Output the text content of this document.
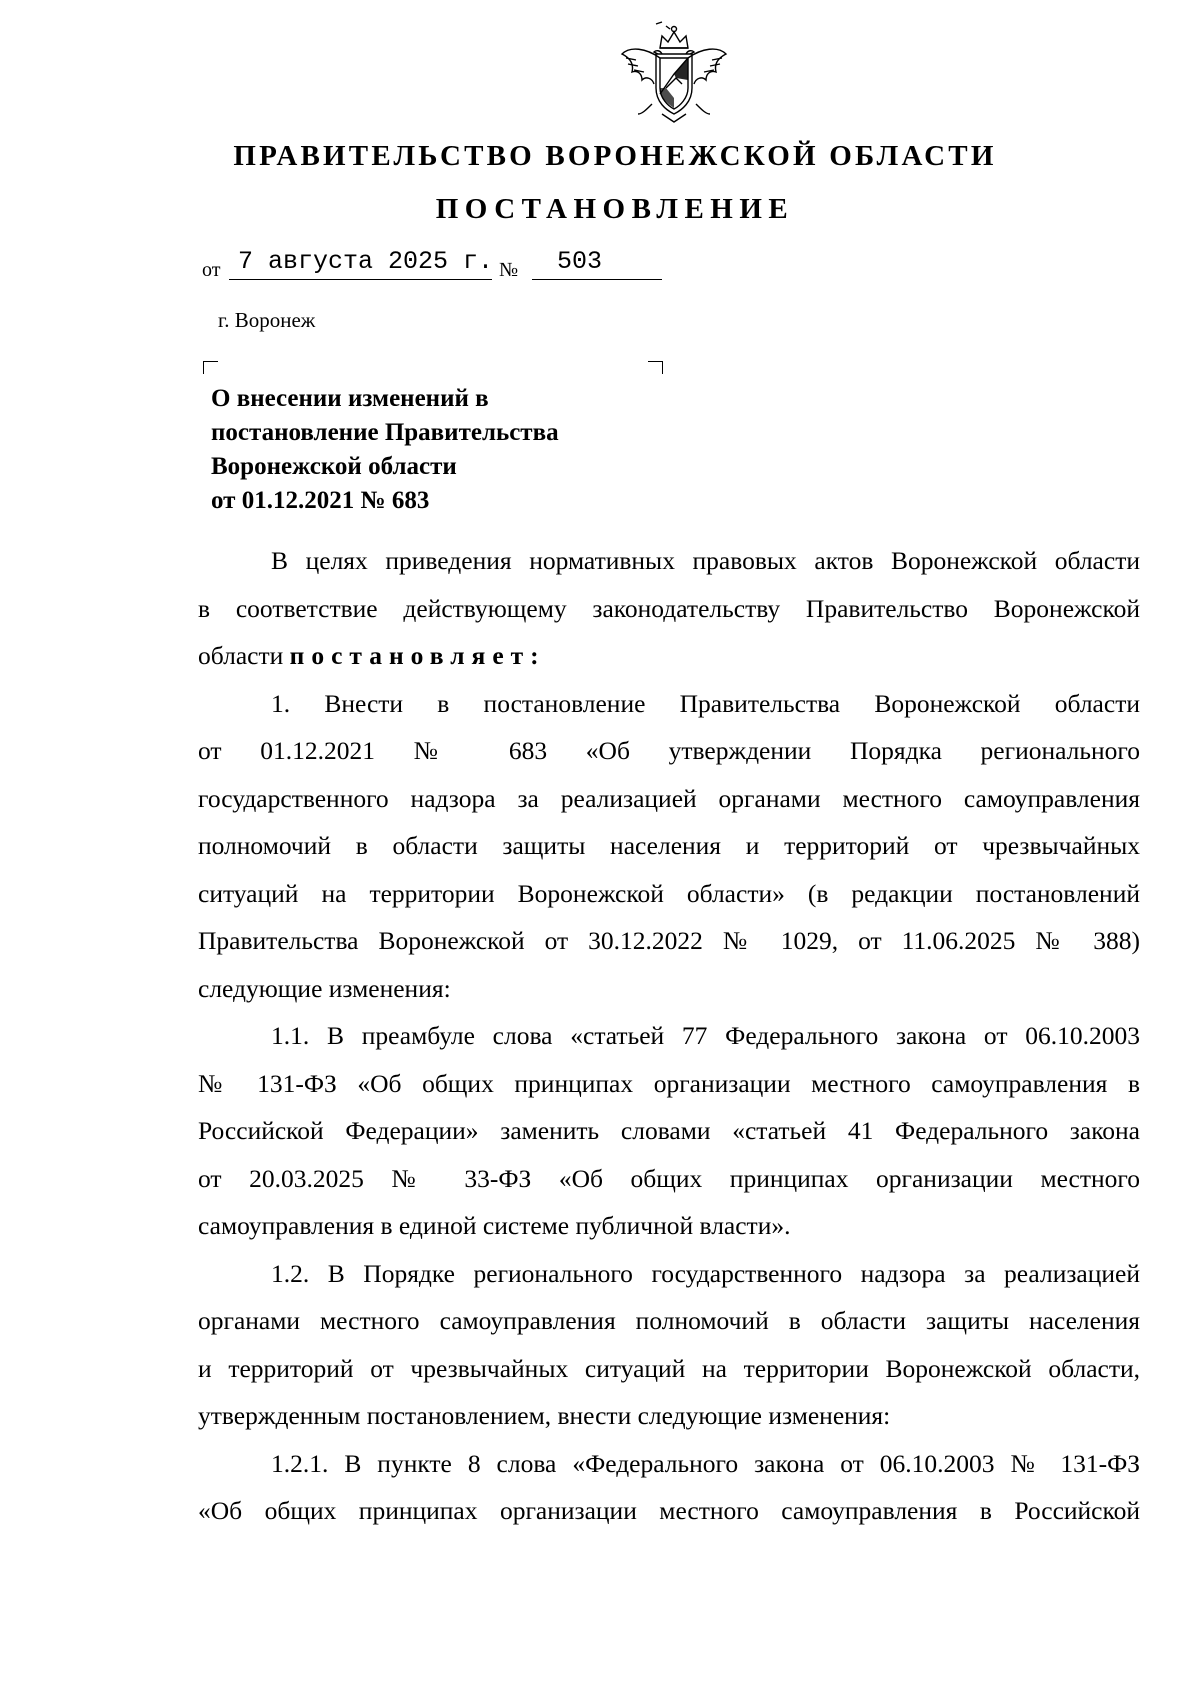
ПРАВИТЕЛЬСТВО ВОРОНЕЖСКОЙ ОБЛАСТИ
ПОСТАНОВЛЕНИЕ
от 7 августа 2025 г. № 503
г. Воронеж
О внесении изменений в
постановление Правительства
Воронежской области
от 01.12.2021 № 683
В целях приведения нормативных правовых актов Воронежской области
в соответствие действующему законодательству Правительство Воронежской
области постановляет:
1. Внести в постановление Правительства Воронежской области
от 01.12.2021 № 683 «Об утверждении Порядка регионального
государственного надзора за реализацией органами местного самоуправления
полномочий в области защиты населения и территорий от чрезвычайных
ситуаций на территории Воронежской области» (в редакции постановлений
Правительства Воронежской от 30.12.2022 № 1029, от 11.06.2025 № 388)
следующие изменения:
1.1. В преамбуле слова «статьей 77 Федерального закона от 06.10.2003
№ 131-ФЗ «Об общих принципах организации местного самоуправления в
Российской Федерации» заменить словами «статьей 41 Федерального закона
от 20.03.2025 № 33-ФЗ «Об общих принципах организации местного
самоуправления в единой системе публичной власти».
1.2. В Порядке регионального государственного надзора за реализацией
органами местного самоуправления полномочий в области защиты населения
и территорий от чрезвычайных ситуаций на территории Воронежской области,
утвержденным постановлением, внести следующие изменения:
1.2.1. В пункте 8 слова «Федерального закона от 06.10.2003 № 131-ФЗ
«Об общих принципах организации местного самоуправления в Российской
